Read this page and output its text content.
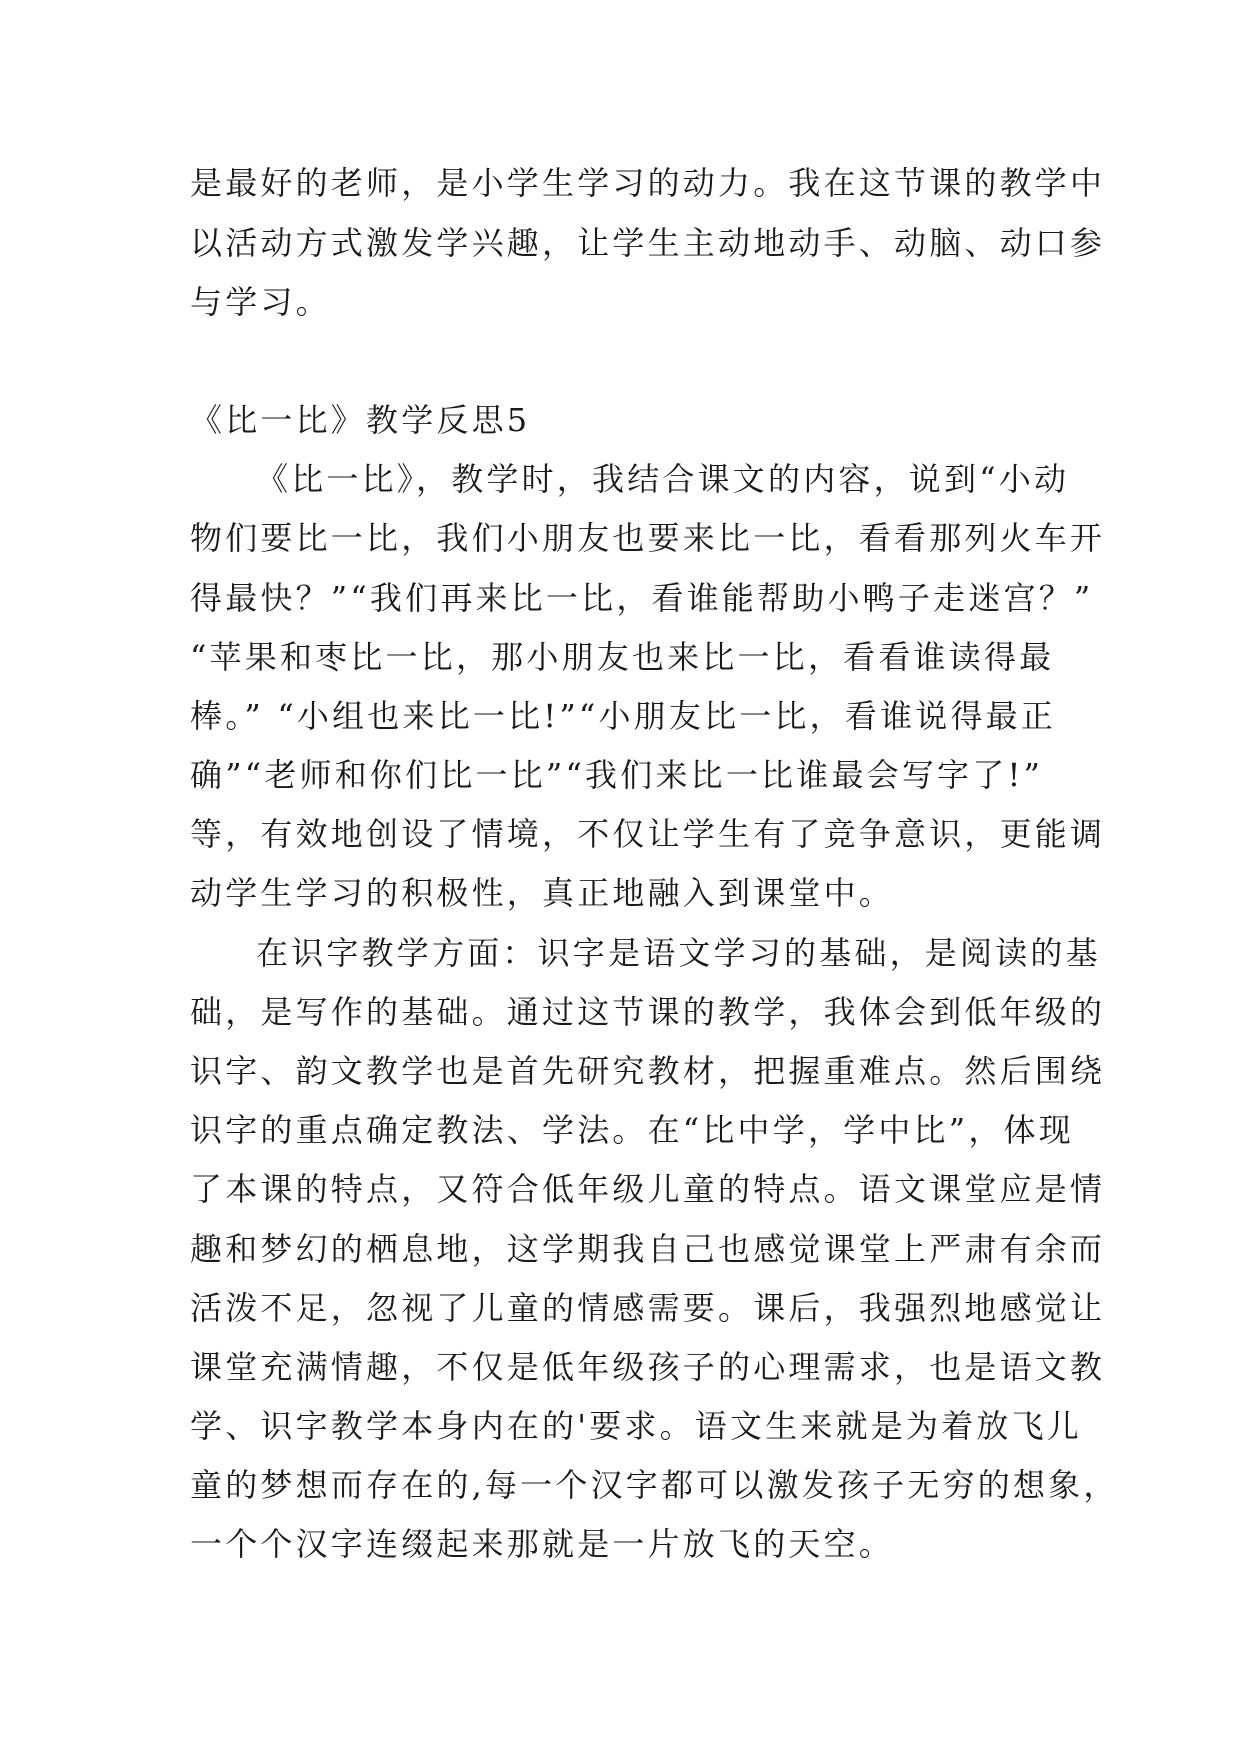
是最好的老师，是小学生学习的动力。我在这节课的教学中
以活动方式激发学兴趣，让学生主动地动手、动脑、动口参
与学习。
《比一比》教学反思5
《比一比》，教学时，我结合课文的内容，说到“小动
物们要比一比，我们小朋友也要来比一比，看看那列火车开
得最快？”“我们再来比一比，看谁能帮助小鸭子走迷宫？”
“苹果和枣比一比，那小朋友也来比一比，看看谁读得最
棒。” “小组也来比一比!”“小朋友比一比，看谁说得最正
确”“老师和你们比一比”“我们来比一比谁最会写字了!”
等，有效地创设了情境，不仅让学生有了竞争意识，更能调
动学生学习的积极性，真正地融入到课堂中。
在识字教学方面：识字是语文学习的基础，是阅读的基
础，是写作的基础。通过这节课的教学，我体会到低年级的
识字、韵文教学也是首先研究教材，把握重难点。然后围绕
识字的重点确定教法、学法。在“比中学，学中比”，体现
了本课的特点，又符合低年级儿童的特点。语文课堂应是情
趣和梦幻的栖息地，这学期我自己也感觉课堂上严肃有余而
活泼不足，忽视了儿童的情感需要。课后，我强烈地感觉让
课堂充满情趣，不仅是低年级孩子的心理需求，也是语文教
学、识字教学本身内在的'要求。语文生来就是为着放飞儿
童的梦想而存在的,每一个汉字都可以激发孩子无穷的想象，
一个个汉字连缀起来那就是一片放飞的天空。
